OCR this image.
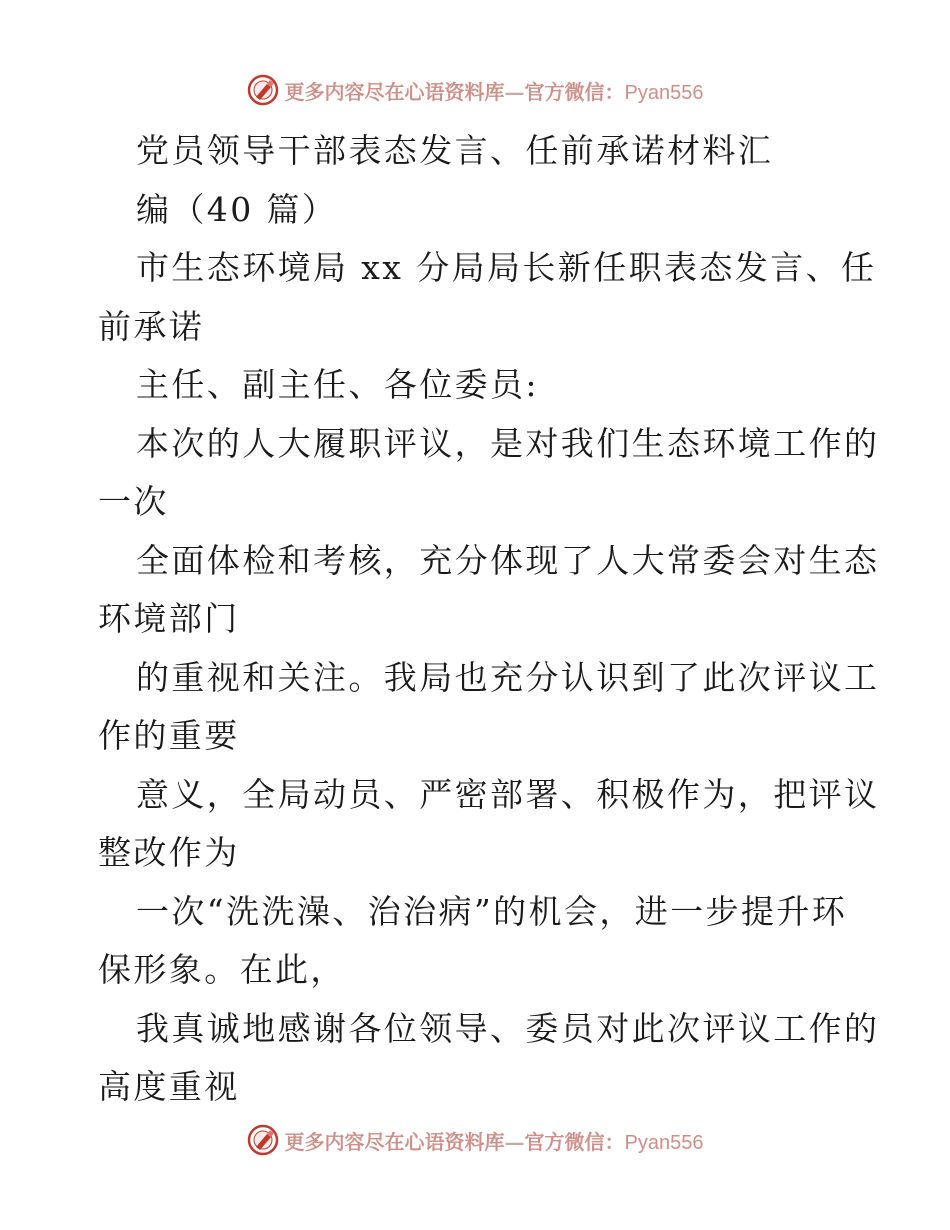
更多内容尽在心语资料库—官方微信：Pyan556
党员领导干部表态发言、任前承诺材料汇
编（40 篇）
市生态环境局 xx 分局局长新任职表态发言、任
前承诺
主任、副主任、各位委员:
本次的人大履职评议，是对我们生态环境工作的
一次
全面体检和考核，充分体现了人大常委会对生态
环境部门
的重视和关注。我局也充分认识到了此次评议工
作的重要
意义，全局动员、严密部署、积极作为，把评议
整改作为
一次“洗洗澡、治治病”的机会，进一步提升环
保形象。在此，
我真诚地感谢各位领导、委员对此次评议工作的
高度重视
更多内容尽在心语资料库—官方微信：Pyan556
